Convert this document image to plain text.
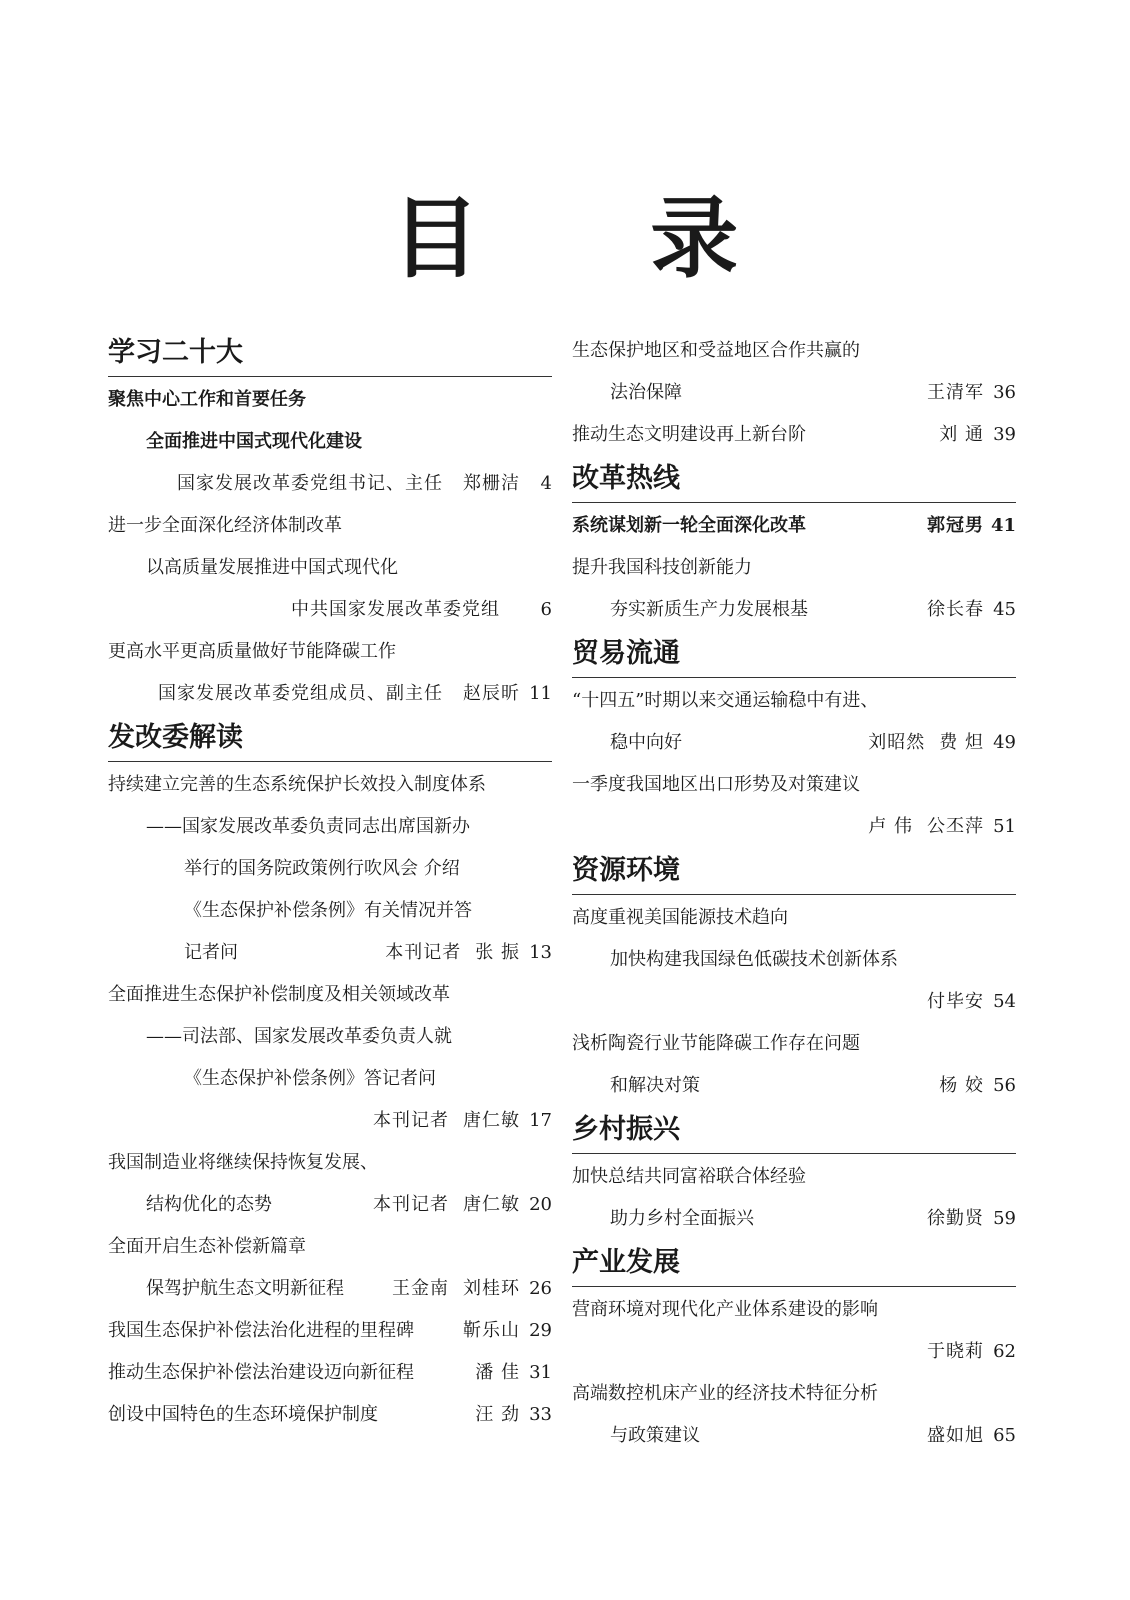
目 录
学习二十大
聚焦中心工作和首要任务
全面推进中国式现代化建设
国家发展改革委党组书记、主任 郑栅洁	4
进一步全面深化经济体制改革
以高质量发展推进中国式现代化
中共国家发展改革委党组	6
更高水平更高质量做好节能降碳工作
国家发展改革委党组成员、副主任 赵辰昕 11
发改委解读
持续建立完善的生态系统保护长效投入制度体系
——国家发展改革委负责同志出席国新办
举行的国务院政策例行吹风会 介绍
《生态保护补偿条例》有关情况并答
记者问	本刊记者 张 振 13
全面推进生态保护补偿制度及相关领域改革
——司法部、国家发展改革委负责人就
《生态保护补偿条例》答记者问
本刊记者 唐仁敏 17
我国制造业将继续保持恢复发展、
结构优化的态势	本刊记者 唐仁敏 20
全面开启生态补偿新篇章
保驾护航生态文明新征程	王金南 刘桂环 26
我国生态保护补偿法治化进程的里程碑	靳乐山 29
推动生态保护补偿法治建设迈向新征程	潘 佳 31
创设中国特色的生态环境保护制度	汪 劲 33
生态保护地区和受益地区合作共赢的
法治保障	王清军 36
推动生态文明建设再上新台阶	刘 通 39
改革热线
系统谋划新一轮全面深化改革	郭冠男 41
提升我国科技创新能力
夯实新质生产力发展根基	徐长春 45
贸易流通
“十四五”时期以来交通运输稳中有进、
稳中向好	刘昭然 费 炟 49
一季度我国地区出口形势及对策建议
卢 伟 公丕萍 51
资源环境
高度重视美国能源技术趋向
加快构建我国绿色低碳技术创新体系
付毕安 54
浅析陶瓷行业节能降碳工作存在问题
和解决对策	杨 姣 56
乡村振兴
加快总结共同富裕联合体经验
助力乡村全面振兴	徐勤贤 59
产业发展
营商环境对现代化产业体系建设的影响
于晓莉 62
高端数控机床产业的经济技术特征分析
与政策建议	盛如旭 65
